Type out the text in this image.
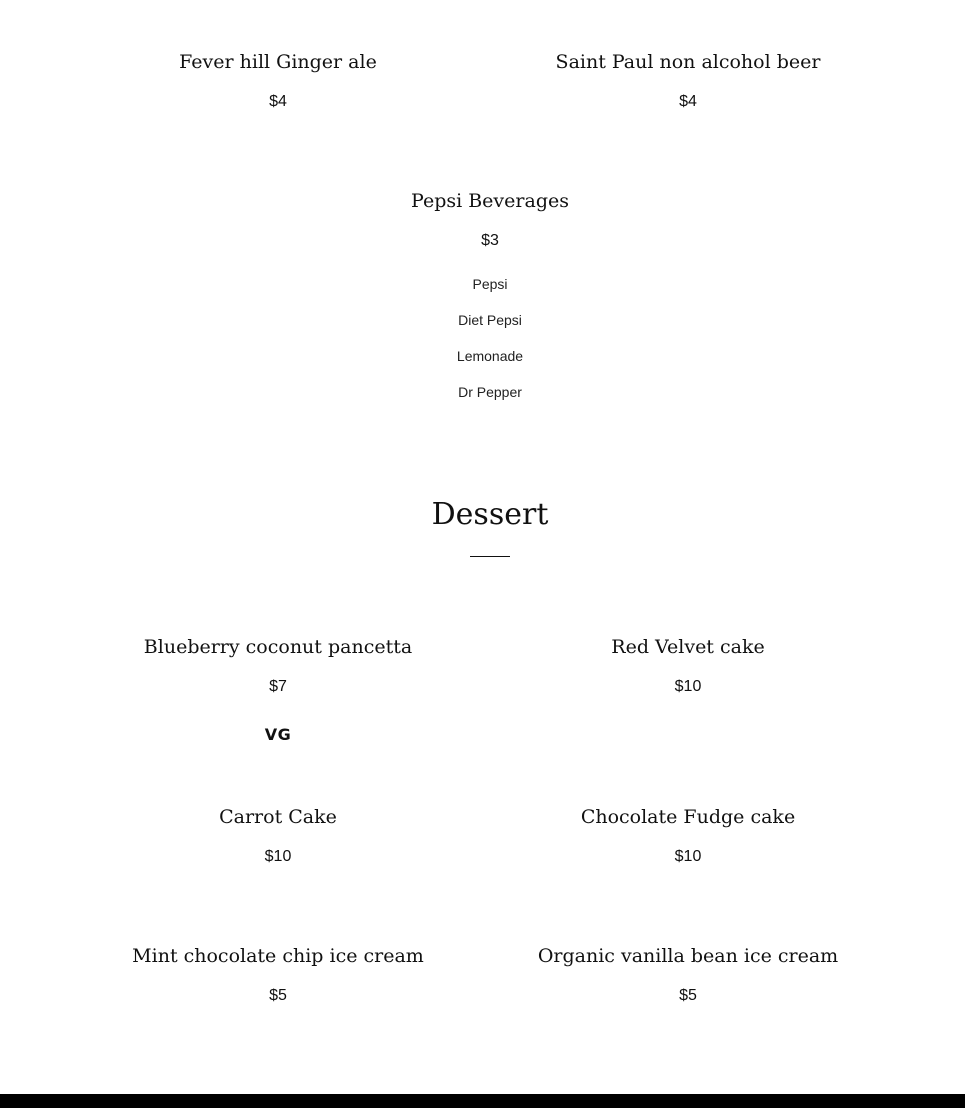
Fever hill Ginger ale
$4
Saint Paul non alcohol beer
$4
Pepsi Beverages
$3
Pepsi
Diet Pepsi
Lemonade
Dr Pepper
Dessert
Blueberry coconut pancetta
$7
VG
Red Velvet cake
$10
Carrot Cake
$10
Chocolate Fudge cake
$10
Mint chocolate chip ice cream
$5
Organic vanilla bean ice cream
$5
